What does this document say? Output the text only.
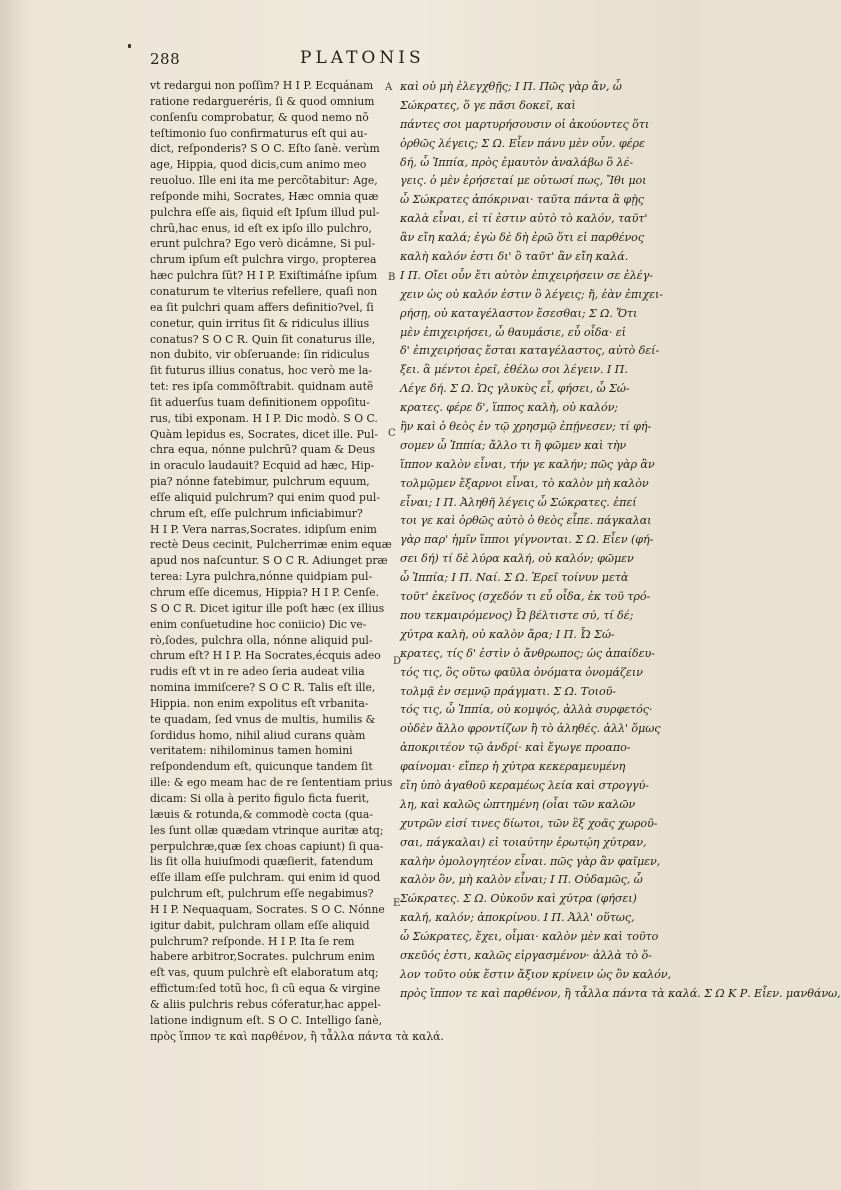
288	PLATONIS
vt redargui non poſſim? H I P. Ecquánam
ratione redargueréris, ſi & quod omnium
conſenſu comprobatur, & quod nemo nõ
teſtimonio ſuo confirmaturus eſt qui au-
dict, reſponderis? S O C. Eſto ſanè. verùm
age, Hippia, quod dicis,cum animo meo
reuoluo. Ille eni ita me percõtabitur: Age,
reſponde mihi, Socrates, Hæc omnia quæ
pulchra eſſe ais, ſiquid eſt Ipſum illud pul-
chrũ,hac enus, id eſt ex ipſo illo pulchro,
erunt pulchra? Ego verò dicámne, Si pul-
chrum ipſum eſt pulchra virgo, propterea
hæc pulchra ſũt? H I P. Exiſtimáſne ipſum
conaturum te vlterius refellere, quaſi non
ea ſit pulchri quam affers definitio?vel, ſi
conetur, quin irritus ſit & ridiculus illius
conatus? S O C R. Quin ſit conaturus ille,
non dubito, vir obſeruande: ſin ridiculus
ſit futurus illius conatus, hoc verò me la-
tet: res ipſa commõſtrabit. quidnam autẽ
ſit aduerſus tuam definitionem oppoſitu-
rus, tibi exponam. H I P. Dic modò. S O C.
Quàm lepidus es, Socrates, dicet ille. Pul-
chra equa, nónne pulchrũ? quam & Deus
in oraculo laudauit? Ecquid ad hæc, Hip-
pia? nónne fatebimur, pulchrum equum,
eſſe aliquid pulchrum? qui enim quod pul-
chrum eſt, eſſe pulchrum inficiabimur?
H I P. Vera narras,Socrates. idipſum enim
rectè Deus cecinit, Pulcherrimæ enim equæ
apud nos naſcuntur. S O C R. Adiunget præ
terea: Lyra pulchra,nónne quidpiam pul-
chrum eſſe dicemus, Hippia? H I P. Cenſe.
S O C R. Dicet igitur ille poſt hæc (ex illius
enim conſuetudine hoc coniicio) Dic ve-
rò,ſodes, pulchra olla, nónne aliquid pul-
chrum eſt? H I P. Ha Socrates,écquis adeo
rudis eſt vt in re adeo ſeria audeat vilia
nomina immiſcere? S O C R. Talis eſt ille,
Hippia. non enim expolitus eſt vrbanita-
te quadam, ſed vnus de multis, humilis &
ſordidus homo, nihil aliud curans quàm
veritatem: nihilominus tamen homini
reſpondendum eſt, quicunque tandem ſit
ille: & ego meam hac de re ſententiam prius
dicam: Si olla à perito figulo ficta fuerit,
læuis & rotunda,& commodè cocta (qua-
les ſunt ollæ quædam vtrinque auritæ atq;
perpulchræ,quæ ſex choas capiunt) ſi qua-
lis ſit olla huiuſmodi quæſierit, fatendum
eſſe illam eſſe pulchram. qui enim id quod
pulchrum eſt, pulchrum eſſe negabimus?
H I P. Nequaquam, Socrates. S O C. Nónne
igitur dabit, pulchram ollam eſſe aliquid
pulchrum? reſponde. H I P. Ita ſe rem
habere arbitror,Socrates. pulchrum enim
eſt vas, quum pulchrè eſt elaboratum atq;
effictum:ſed totũ hoc, ſi cũ equa & virgine
& aliis pulchris rebus cóferatur,hac appel-
latione indignum eſt. S O C. Intelligo ſanè,
πρὸς ἵππον τε καὶ παρθένον, ἢ τἆλλα πάντα τὰ καλά.
A
B
C
D
E
καὶ οὐ μὴ ἐλεγχθῇς; Ι Π. Πῶς γὰρ ἄν, ὦ
Σώκρατες, ὅ γε πᾶσι δοκεῖ, καὶ
πάντες σοι μαρτυρήσουσιν οἱ ἀκούοντες ὅτι
ὀρθῶς λέγεις; Σ Ω. Εἶεν πάνυ μὲν οὖν. φέρε
δή, ὦ Ἱππία, πρὸς ἐμαυτὸν ἀναλάβω ὃ λέ-
γεις. ὁ μὲν ἐρήσεταί με οὑτωσί πως, Ἴθι μοι
ὦ Σώκρατες ἀπόκριναι· ταῦτα πάντα ἃ φῂς
καλὰ εἶναι, εἰ τί ἐστιν αὐτὸ τὸ καλόν, ταῦτ'
ἂν εἴη καλά; ἐγὼ δὲ δὴ ἐρῶ ὅτι εἰ παρθένος
καλὴ καλόν ἐστι δι' ὃ ταῦτ' ἂν εἴη καλά.
Ι Π. Οἴει οὖν ἔτι αὐτὸν ἐπιχειρήσειν σε ἐλέγ-
χειν ὡς οὐ καλόν ἐστιν ὃ λέγεις; ἤ, ἐὰν ἐπιχει-
ρήσῃ, οὐ καταγέλαστον ἔσεσθαι; Σ Ω. Ὅτι
μὲν ἐπιχειρήσει, ὦ θαυμάσιε, εὖ οἶδα· εἰ
δ' ἐπιχειρήσας ἔσται καταγέλαστος, αὐτὸ δεί-
ξει. ἃ μέντοι ἐρεῖ, ἐθέλω σοι λέγειν. Ι Π.
Λέγε δή. Σ Ω. Ὡς γλυκὺς εἶ, φήσει, ὦ Σώ-
κρατες. φέρε δ', ἵππος καλὴ, οὐ καλόν;
ἣν καὶ ὁ θεὸς ἐν τῷ χρησμῷ ἐπῄνεσεν; τί φή-
σομεν ὦ Ἱππία; ἄλλο τι ἢ φῶμεν καὶ τὴν
ἵππον καλὸν εἶναι, τήν γε καλήν; πῶς γὰρ ἂν
τολμῷμεν ἔξαρνοι εἶναι, τὸ καλὸν μὴ καλὸν
εἶναι; Ι Π. Ἀληθῆ λέγεις ὦ Σώκρατες. ἐπεί
τοι γε καὶ ὀρθῶς αὐτὸ ὁ θεὸς εἶπε. πάγκαλαι
γὰρ παρ' ἡμῖν ἵπποι γίγνονται. Σ Ω. Εἶεν (φή-
σει δή) τί δὲ λύρα καλή, οὐ καλόν; φῶμεν
ὦ Ἱππία; Ι Π. Ναί. Σ Ω. Ἐρεῖ τοίνυν μετὰ
τοῦτ' ἐκεῖνος (σχεδόν τι εὖ οἶδα, ἐκ τοῦ τρό-
που τεκμαιρόμενος) Ὦ βέλτιστε σύ, τί δέ;
χύτρα καλὴ, οὐ καλὸν ἄρα; Ι Π. Ὦ Σώ-
κρατες, τίς δ' ἐστὶν ὁ ἄνθρωπος; ὡς ἀπαίδευ-
τός τις, ὃς οὕτω φαῦλα ὀνόματα ὀνομάζειν
τολμᾷ ἐν σεμνῷ πράγματι. Σ Ω. Τοιοῦ-
τός τις, ὦ Ἱππία, οὐ κομψός, ἀλλὰ συρφετός·
οὐδὲν ἄλλο φροντίζων ἢ τὸ ἀληθές. ἀλλ' ὅμως
ἀποκριτέον τῷ ἀνδρί· καὶ ἔγωγε προαπο-
φαίνομαι· εἴπερ ἡ χύτρα κεκεραμευμένη
εἴη ὑπὸ ἀγαθοῦ κεραμέως λεία καὶ στρογγύ-
λη, καὶ καλῶς ὠπτημένη (οἷαι τῶν καλῶν
χυτρῶν εἰσί τινες δίωτοι, τῶν ἓξ χοᾶς χωροῦ-
σαι, πάγκαλαι) εἰ τοιαύτην ἐρωτῴη χύτραν,
καλὴν ὁμολογητέον εἶναι. πῶς γὰρ ἂν φαῖμεν,
καλὸν ὂν, μὴ καλὸν εἶναι; Ι Π. Οὐδαμῶς, ὦ
Σώκρατες. Σ Ω. Οὐκοῦν καὶ χύτρα (φήσει)
καλή, καλόν; ἀποκρίνου. Ι Π. Ἀλλ' οὕτως,
ὦ Σώκρατες, ἔχει, οἶμαι· καλὸν μὲν καὶ τοῦτο
σκεῦός ἐστι, καλῶς εἰργασμένον· ἀλλὰ τὸ ὅ-
λον τοῦτο οὐκ ἔστιν ἄξιον κρίνειν ὡς ὂν καλόν,
πρὸς ἵππον τε καὶ παρθένον, ἢ τἆλλα πάντα τὰ καλά. Σ Ω Κ Ρ. Εἶεν. μανθάνω,
